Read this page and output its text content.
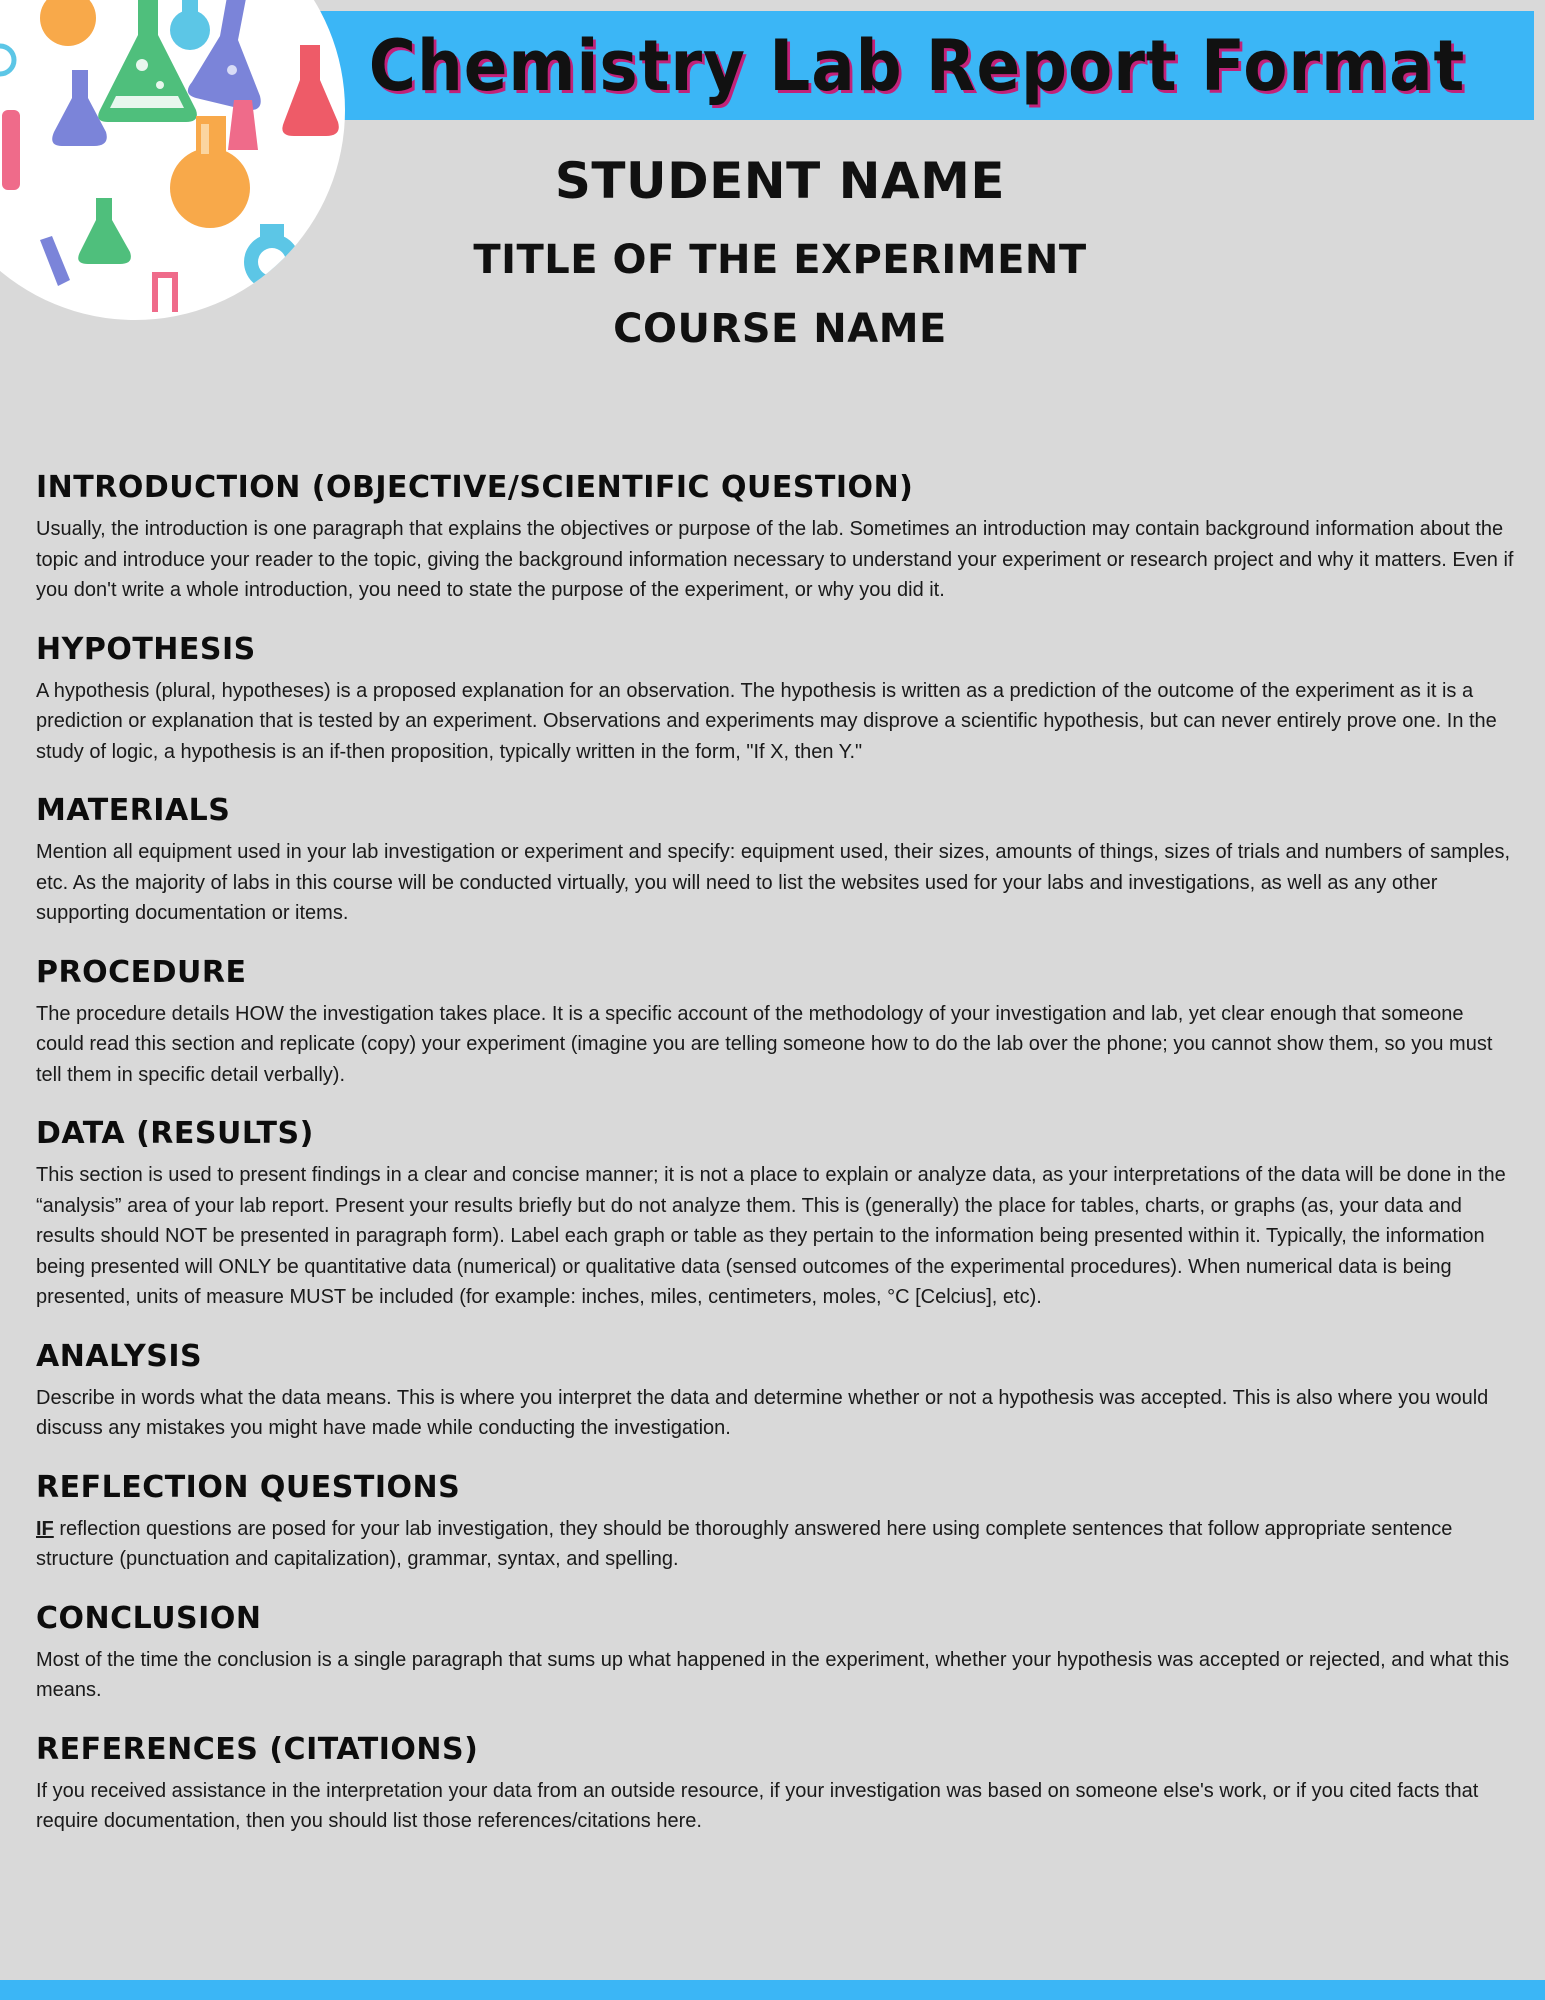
Chemistry Lab Report Format
STUDENT NAME
TITLE OF THE EXPERIMENT
COURSE NAME
INTRODUCTION (OBJECTIVE/SCIENTIFIC QUESTION)

Usually, the introduction is one paragraph that explains the objectives or purpose of the lab. Sometimes an introduction may contain background information about the topic and introduce your reader to the topic, giving the background information necessary to understand your experiment or research project and why it matters. Even if you don't write a whole introduction, you need to state the purpose of the experiment, or why you did it.

HYPOTHESIS

A hypothesis (plural, hypotheses) is a proposed explanation for an observation. The hypothesis is written as a prediction of the outcome of the experiment as it is a prediction or explanation that is tested by an experiment. Observations and experiments may disprove a scientific hypothesis, but can never entirely prove one. In the study of logic, a hypothesis is an if-then proposition, typically written in the form, "If X, then Y."

MATERIALS

Mention all equipment used in your lab investigation or experiment and specify: equipment used, their sizes, amounts of things, sizes of trials and numbers of samples, etc. As the majority of labs in this course will be conducted virtually, you will need to list the websites used for your labs and investigations, as well as any other supporting documentation or items.

PROCEDURE

The procedure details HOW the investigation takes place. It is a specific account of the methodology of your investigation and lab, yet clear enough that someone could read this section and replicate (copy) your experiment (imagine you are telling someone how to do the lab over the phone; you cannot show them, so you must tell them in specific detail verbally).

DATA (RESULTS)

This section is used to present findings in a clear and concise manner; it is not a place to explain or analyze data, as your interpretations of the data will be done in the “analysis” area of your lab report. Present your results briefly but do not analyze them. This is (generally) the place for tables, charts, or graphs (as, your data and results should NOT be presented in paragraph form). Label each graph or table as they pertain to the information being presented within it. Typically, the information being presented will ONLY be quantitative data (numerical) or qualitative data (sensed outcomes of the experimental procedures). When numerical data is being presented, units of measure MUST be included (for example: inches, miles, centimeters, moles, °C [Celcius], etc).

ANALYSIS

Describe in words what the data means. This is where you interpret the data and determine whether or not a hypothesis was accepted. This is also where you would discuss any mistakes you might have made while conducting the investigation.

REFLECTION QUESTIONS

IF reflection questions are posed for your lab investigation, they should be thoroughly answered here using complete sentences that follow appropriate sentence structure (punctuation and capitalization), grammar, syntax, and spelling.

CONCLUSION

Most of the time the conclusion is a single paragraph that sums up what happened in the experiment, whether your hypothesis was accepted or rejected, and what this means.

REFERENCES (CITATIONS)

If you received assistance in the interpretation your data from an outside resource, if your investigation was based on someone else's work, or if you cited facts that require documentation, then you should list those references/citations here.
